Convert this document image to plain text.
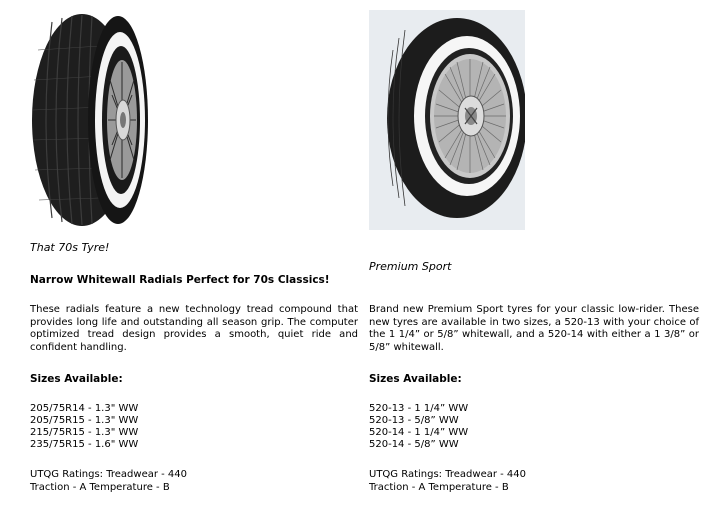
That 70s Tyre!
Narrow Whitewall Radials Perfect for 70s Classics!

These radials feature a new technology tread compound that provides long life and outstanding all season grip. The computer optimized tread design provides a smooth, quiet ride and confident handling.

Sizes Available:
205/75R14 - 1.3" WW
205/75R15 - 1.3" WW
215/75R15 - 1.3" WW
235/75R15 - 1.6" WW
UTQG Ratings: Treadwear - 440
Traction - A Temperature - B
Premium Sport

Brand new Premium Sport tyres for your classic low-rider. These new tyres are available in two sizes, a 520-13 with your choice of the 1 1/4” or 5/8” whitewall, and a 520-14 with either a 1 3/8” or 5/8” whitewall.

Sizes Available:
520-13 - 1 1/4” WW
520-13 - 5/8” WW
520-14 - 1 1/4” WW
520-14 - 5/8” WW
UTQG Ratings: Treadwear - 440
Traction - A Temperature - B
